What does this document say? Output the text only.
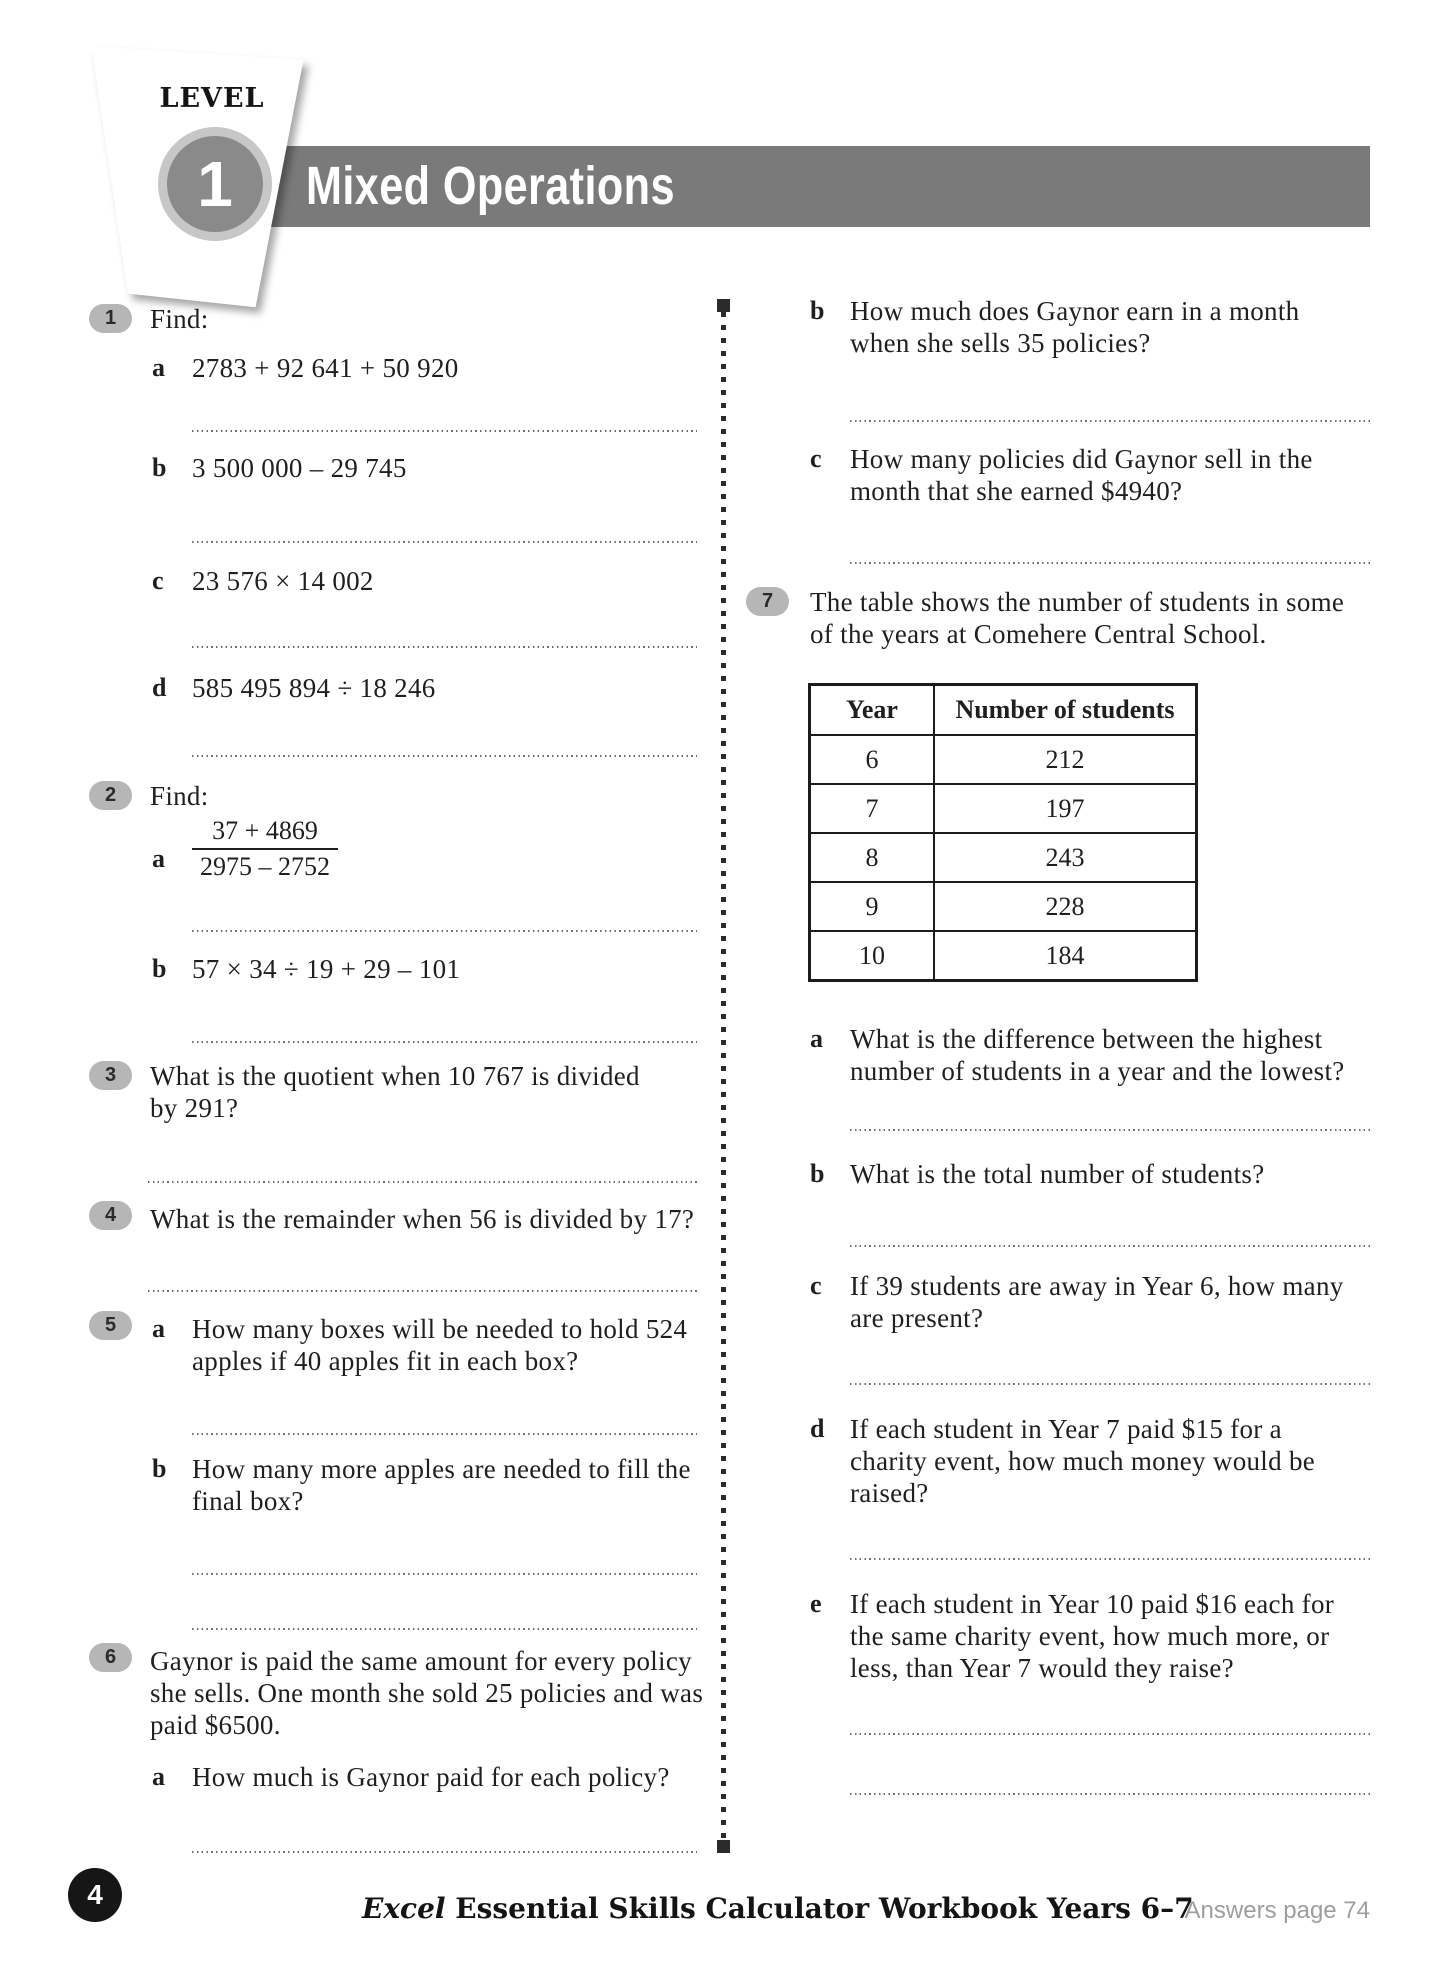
Mixed Operations
LEVEL
1
1	Find:
a 2783 + 92 641 + 50 920
b 3 500 000 – 29 745
c 23 576 × 14 002
d 585 495 894 ÷ 18 246
2	Find:
a $\frac{37 + 4869}{2975 - 2752}$
b 57 × 34 ÷ 19 + 29 – 101
3	What is the quotient when 10 767 is divided
by 291?
4	What is the remainder when 56 is divided by 17?
5	a How many boxes will be needed to hold 524
apples if 40 apples fit in each box?
b How many more apples are needed to fill the
final box?
6	Gaynor is paid the same amount for every policy
she sells. One month she sold 25 policies and was
paid $6500.
a How much is Gaynor paid for each policy?
b How much does Gaynor earn in a month
when she sells 35 policies?
c How many policies did Gaynor sell in the
month that she earned $4940?
7	The table shows the number of students in some
of the years at Comehere Central School.
Year	Number of students
6	212
7	197
8	243
9	228
10	184
a What is the difference between the highest
number of students in a year and the lowest?
b What is the total number of students?
c If 39 students are away in Year 6, how many
are present?
d If each student in Year 7 paid $15 for a
charity event, how much money would be
raised?
e If each student in Year 10 paid $16 each for
the same charity event, how much more, or
less, than Year 7 would they raise?
4	Excel Essential Skills Calculator Workbook Years 6–7
Answers page 74
